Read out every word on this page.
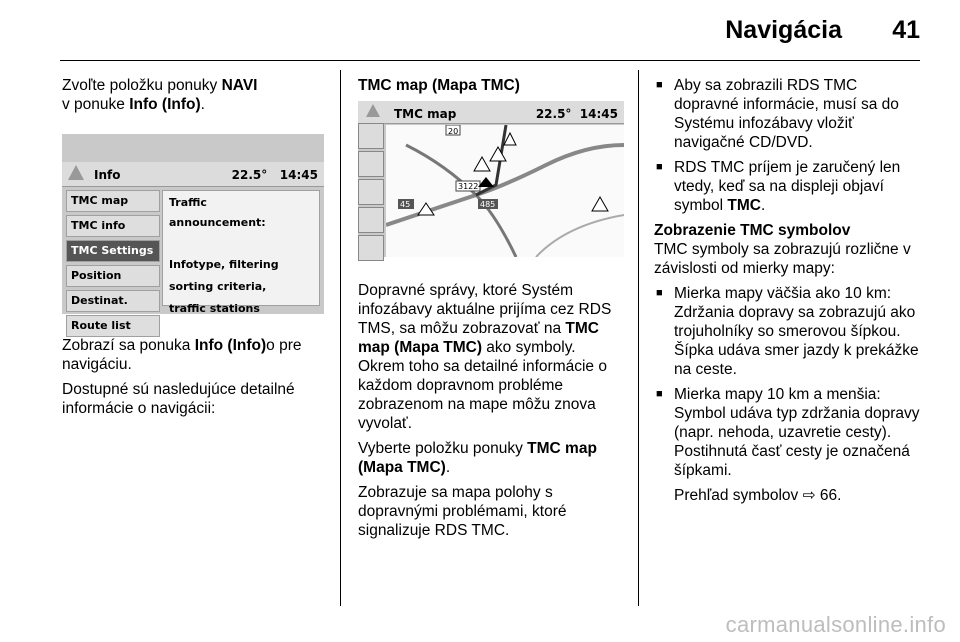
Navigácia 41

Zvoľte položku ponuky NAVI
v ponuke Info (Info).

Info	22.5° 14:45
TMC map
TMC info
TMC Settings
Position
Destinat.
Route list
Traffic
announcement:
Infotype, filtering
sorting criteria,
traffic stations

Zobrazí sa ponuka Info (Info)o pre navigáciu.

Dostupné sú nasledujúce detailné informácie o navigácii:

TMC map (Mapa TMC)

TMC map	22.5° 14:45
20
45	485
3122

Dopravné správy, ktoré Systém infozábavy aktuálne prijíma cez RDS TMS, sa môžu zobrazovať na TMC map (Mapa TMC) ako symboly. Okrem toho sa detailné informácie o každom dopravnom probléme zobrazenom na mape môžu znova vyvolať.

Vyberte položku ponuky TMC map (Mapa TMC).

Zobrazuje sa mapa polohy s dopravnými problémami, ktoré signalizuje RDS TMC.

■ Aby sa zobrazili RDS TMC dopravné informácie, musí sa do Systému infozábavy vložiť navigačné CD/DVD.

■ RDS TMC príjem je zaručený len vtedy, keď sa na displeji objaví symbol TMC.

Zobrazenie TMC symbolov

TMC symboly sa zobrazujú rozlične v závislosti od mierky mapy:

■ Mierka mapy väčšia ako 10 km: Zdržania dopravy sa zobrazujú ako trojuholníky so smerovou šípkou. Šípka udáva smer jazdy k prekážke na ceste.

■ Mierka mapy 10 km a menšia: Symbol udáva typ zdržania dopravy (napr. nehoda, uzavretie cesty). Postihnutá časť cesty je označená šípkami.

Prehľad symbolov ⇨ 66.

carmanualsonline.info
